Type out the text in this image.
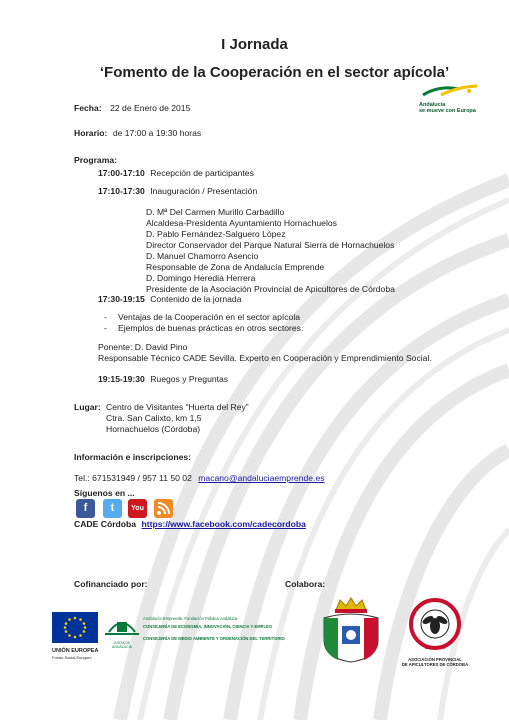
I Jornada
‘Fomento de la Cooperación en el sector apícola’
Andalucía
se mueve con Europa
Fecha: 22 de Enero de 2015
Horario: de 17:00 a 19:30 horas
Programa:
17:00-17:10 Recepción de participantes
17:10-17:30 Inauguración / Presentación
D. Mª Del Carmen Murillo Carbadillo
Alcaldesa-Presidenta Ayuntamiento Hornachuelos
D. Pablo Fernández-Salguero López
Director Conservador del Parque Natural Sierra de Hornachuelos
D. Manuel Chamorro Asencio
Responsable de Zona de Andalucía Emprende
D. Domingo Heredia Herrera
Presidente de la Asociación Provincial de Apicultores de Córdoba
17:30-19:15 Contenido de la jornada
- Ventajas de la Cooperación en el sector apícola
- Ejemplos de buenas prácticas en otros sectores.
Ponente: D. David Pino
Responsable Técnico CADE Sevilla. Experto en Cooperación y Emprendimiento Social.
19:15-19:30 Ruegos y Preguntas
Lugar: Centro de Visitantes “Huerta del Rey”
Ctra. San Calixto, km 1,5
Hornachuelos (Córdoba)
Información e inscripciones:
Tel.: 671531949 / 957 11 50 02 macano@andaluciaemprende.es
Síguenos en ...
f	t	You
CADE Córdoba https://www.facebook.com/cadecordoba
Cofinanciado por:	Colabora:
UNIÓN EUROPEA
Fondo Social Europeo
JUNTA DE ANDALUCÍA
Andalucía Emprende. Fundación Pública Andaluza
CONSEJERÍA DE ECONOMÍA, INNOVACIÓN, CIENCIA Y EMPLEO
CONSEJERÍA DE MEDIO AMBIENTE Y ORDENACIÓN DEL TERRITORIO
CÓRDOBA
ASOCIACIÓN PROVINCIAL
DE APICULTORES DE CÓRDOBA
